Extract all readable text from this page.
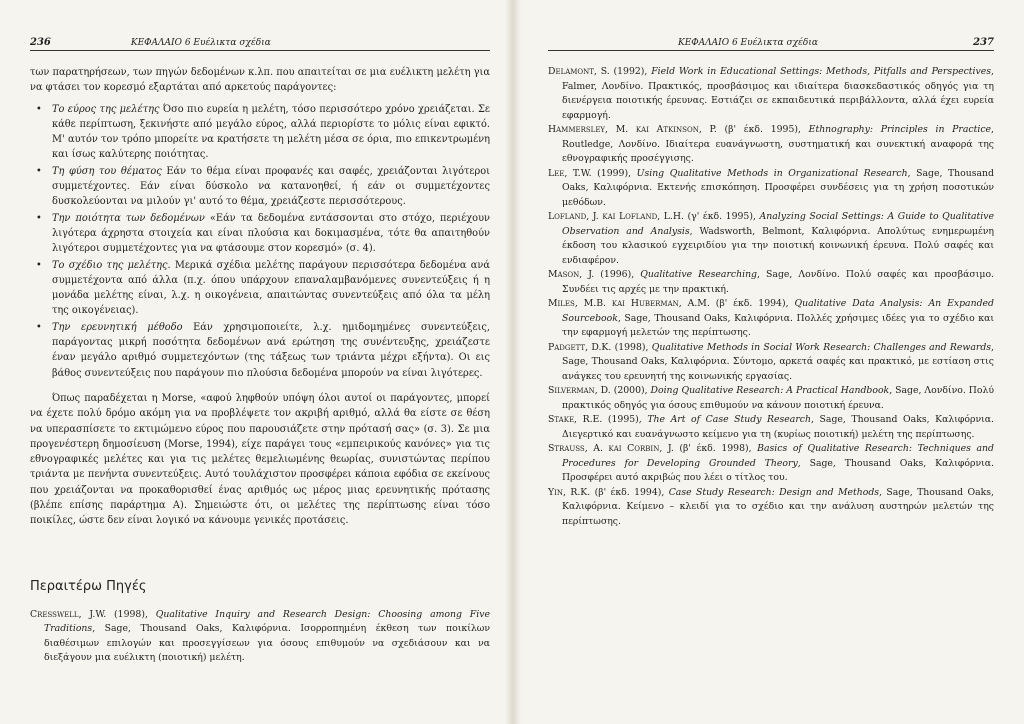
236	ΚΕΦΑΛΑΙΟ 6 Ευέλικτα σχέδια

των παρατηρήσεων, των πηγών δεδομένων κ.λπ. που απαιτείται σε μια ευέλικτη μελέτη για να φτάσει τον κορεσμό εξαρτάται από αρκετούς παράγοντες:

• Το εύρος της μελέτης Όσο πιο ευρεία η μελέτη, τόσο περισσότερο χρόνο χρειάζεται. Σε κάθε περίπτωση, ξεκινήστε από μεγάλο εύρος, αλλά περιορίστε το μόλις είναι εφικτό. Μ' αυτόν τον τρόπο μπορείτε να κρατήσετε τη μελέτη μέσα σε όρια, πιο επικεντρωμένη και ίσως καλύτερης ποιότητας.
• Τη φύση του θέματος Εάν το θέμα είναι προφανές και σαφές, χρειάζονται λιγότεροι συμμετέχοντες. Εάν είναι δύσκολο να κατανοηθεί, ή εάν οι συμμετέχοντες δυσκολεύονται να μιλούν γι' αυτό το θέμα, χρειάζεστε περισσότερους.
• Την ποιότητα των δεδομένων «Εάν τα δεδομένα εντάσσονται στο στόχο, περιέχουν λιγότερα άχρηστα στοιχεία και είναι πλούσια και δοκιμασμένα, τότε θα απαιτηθούν λιγότεροι συμμετέχοντες για να φτάσουμε στον κορεσμό» (σ. 4).
• Το σχέδιο της μελέτης. Μερικά σχέδια μελέτης παράγουν περισσότερα δεδομένα ανά συμμετέχοντα από άλλα (π.χ. όπου υπάρχουν επαναλαμβανόμενες συνεντεύξεις ή η μονάδα μελέτης είναι, λ.χ. η οικογένεια, απαιτώντας συνεντεύξεις από όλα τα μέλη της οικογένειας).
• Την ερευνητική μέθοδο Εάν χρησιμοποιείτε, λ.χ. ημιδομημένες συνεντεύξεις, παράγοντας μικρή ποσότητα δεδομένων ανά ερώτηση της συνέντευξης, χρειάζεστε έναν μεγάλο αριθμό συμμετεχόντων (της τάξεως των τριάντα μέχρι εξήντα). Οι εις βάθος συνεντεύξεις που παράγουν πιο πλούσια δεδομένα μπορούν να είναι λιγότερες.

Όπως παραδέχεται η Morse, «αφού ληφθούν υπόψη όλοι αυτοί οι παράγοντες, μπορεί να έχετε πολύ δρόμο ακόμη για να προβλέψετε τον ακριβή αριθμό, αλλά θα είστε σε θέση να υπερασπίσετε το εκτιμώμενο εύρος που παρουσιάζετε στην πρότασή σας» (σ. 3). Σε μια προγενέστερη δημοσίευση (Morse, 1994), είχε παράγει τους «εμπειρικούς κανόνες» για τις εθνογραφικές μελέτες και για τις μελέτες θεμελιωμένης θεωρίας, συνιστώντας περίπου τριάντα με πενήντα συνεντεύξεις. Αυτό τουλάχιστον προσφέρει κάποια εφόδια σε εκείνους που χρειάζονται να προκαθορισθεί ένας αριθμός ως μέρος μιας ερευνητικής πρότασης (βλέπε επίσης παράρτημα Α). Σημειώστε ότι, οι μελέτες της περίπτωσης είναι τόσο ποικίλες, ώστε δεν είναι λογικό να κάνουμε γενικές προτάσεις.

Περαιτέρω Πηγές

Cresswell, J.W. (1998), Qualitative Inquiry and Research Design: Choosing among Five Traditions, Sage, Thousand Oaks, Καλιφόρνια. Ισορροπημένη έκθεση των ποικίλων διαθέσιμων επιλογών και προσεγγίσεων για όσους επιθυμούν να σχεδιάσουν και να διεξάγουν μια ευέλικτη (ποιοτική) μελέτη.

ΚΕΦΑΛΑΙΟ 6 Ευέλικτα σχέδια	237

Delamont, S. (1992), Field Work in Educational Settings: Methods, Pitfalls and Perspectives, Falmer, Λονδίνο. Πρακτικός, προσβάσιμος και ιδιαίτερα διασκεδαστικός οδηγός για τη διενέργεια ποιοτικής έρευνας. Εστιάζει σε εκπαιδευτικά περιβάλλοντα, αλλά έχει ευρεία εφαρμογή.

Hammersley, M. και Atkinson, P. (β' έκδ. 1995), Ethnography: Principles in Practice, Routledge, Λονδίνο. Ιδιαίτερα ευανάγνωστη, συστηματική και συνεκτική αναφορά της εθνογραφικής προσέγγισης.

Lee, T.W. (1999), Using Qualitative Methods in Organizational Research, Sage, Thousand Oaks, Καλιφόρνια. Εκτενής επισκόπηση. Προσφέρει συνδέσεις για τη χρήση ποσοτικών μεθόδων.

Lofland, J. και Lofland, L.H. (γ' έκδ. 1995), Analyzing Social Settings: A Guide to Qualitative Observation and Analysis, Wadsworth, Belmont, Καλιφόρνια. Απολύτως ενημερωμένη έκδοση του κλασικού εγχειριδίου για την ποιοτική κοινωνική έρευνα. Πολύ σαφές και ενδιαφέρον.

Mason, J. (1996), Qualitative Researching, Sage, Λονδίνο. Πολύ σαφές και προσβάσιμο. Συνδέει τις αρχές με την πρακτική.

Miles, M.B. και Huberman, A.M. (β' έκδ. 1994), Qualitative Data Analysis: An Expanded Sourcebook, Sage, Thousand Oaks, Καλιφόρνια. Πολλές χρήσιμες ιδέες για το σχέδιο και την εφαρμογή μελετών της περίπτωσης.

Padgett, D.K. (1998), Qualitative Methods in Social Work Research: Challenges and Rewards, Sage, Thousand Oaks, Καλιφόρνια. Σύντομο, αρκετά σαφές και πρακτικό, με εστίαση στις ανάγκες του ερευνητή της κοινωνικής εργασίας.

Silverman, D. (2000), Doing Qualitative Research: A Practical Handbook, Sage, Λονδίνο. Πολύ πρακτικός οδηγός για όσους επιθυμούν να κάνουν ποιοτική έρευνα.

Stake, R.E. (1995), The Art of Case Study Research, Sage, Thousand Oaks, Καλιφόρνια. Διεγερτικό και ευανάγνωστο κείμενο για τη (κυρίως ποιοτική) μελέτη της περίπτωσης.

Strauss, A. και Corbin, J. (β' έκδ. 1998), Basics of Qualitative Research: Techniques and Procedures for Developing Grounded Theory, Sage, Thousand Oaks, Καλιφόρνια. Προσφέρει αυτό ακριβώς που λέει ο τίτλος του.

Yin, R.K. (β' έκδ. 1994), Case Study Research: Design and Methods, Sage, Thousand Oaks, Καλιφόρνια. Κείμενο – κλειδί για το σχέδιο και την ανάλυση αυστηρών μελετών της περίπτωσης.
